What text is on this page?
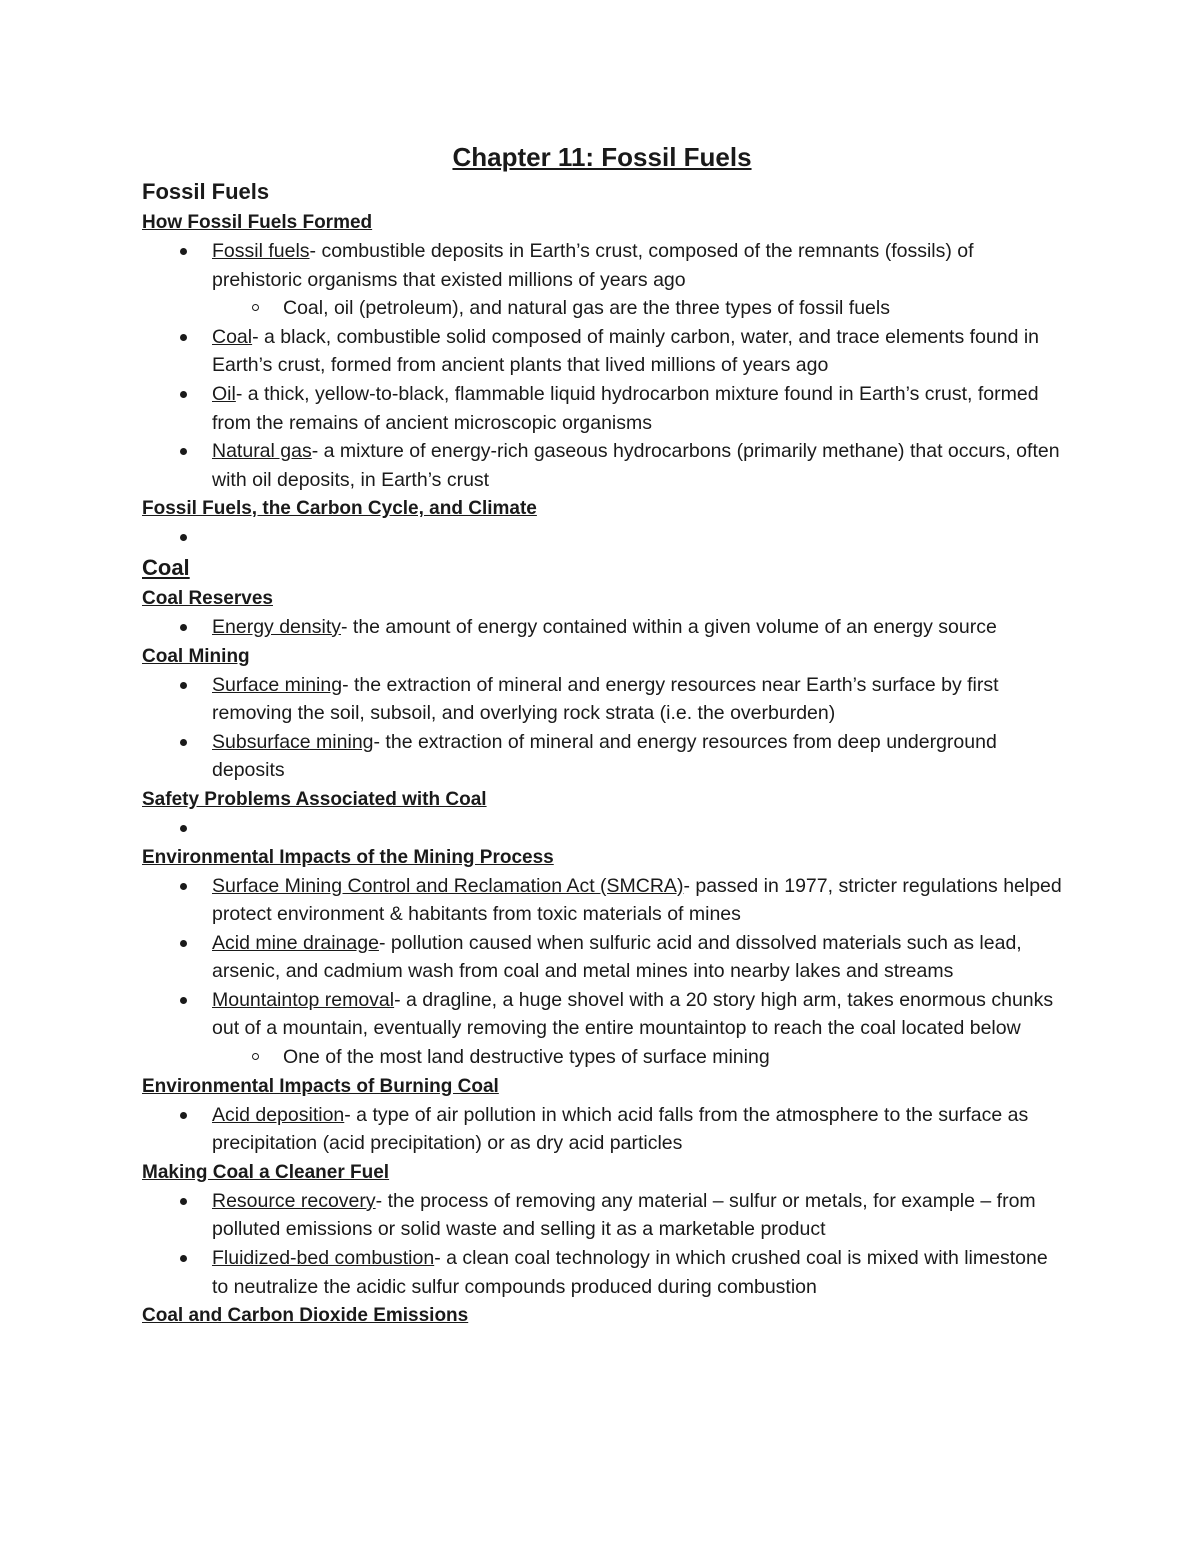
Chapter 11: Fossil Fuels
Fossil Fuels
How Fossil Fuels Formed
Fossil fuels- combustible deposits in Earth’s crust, composed of the remnants (fossils) of prehistoric organisms that existed millions of years ago
Coal, oil (petroleum), and natural gas are the three types of fossil fuels
Coal- a black, combustible solid composed of mainly carbon, water, and trace elements found in Earth’s crust, formed from ancient plants that lived millions of years ago
Oil- a thick, yellow-to-black, flammable liquid hydrocarbon mixture found in Earth’s crust, formed from the remains of ancient microscopic organisms
Natural gas- a mixture of energy-rich gaseous hydrocarbons (primarily methane) that occurs, often with oil deposits, in Earth’s crust
Fossil Fuels, the Carbon Cycle, and Climate
Coal
Coal Reserves
Energy density- the amount of energy contained within a given volume of an energy source
Coal Mining
Surface mining- the extraction of mineral and energy resources near Earth’s surface by first removing the soil, subsoil, and overlying rock strata (i.e. the overburden)
Subsurface mining- the extraction of mineral and energy resources from deep underground deposits
Safety Problems Associated with Coal
Environmental Impacts of the Mining Process
Surface Mining Control and Reclamation Act (SMCRA)- passed in 1977, stricter regulations helped protect environment & habitants from toxic materials of mines
Acid mine drainage- pollution caused when sulfuric acid and dissolved materials such as lead, arsenic, and cadmium wash from coal and metal mines into nearby lakes and streams
Mountaintop removal- a dragline, a huge shovel with a 20 story high arm, takes enormous chunks out of a mountain, eventually removing the entire mountaintop to reach the coal located below
One of the most land destructive types of surface mining
Environmental Impacts of Burning Coal
Acid deposition- a type of air pollution in which acid falls from the atmosphere to the surface as precipitation (acid precipitation) or as dry acid particles
Making Coal a Cleaner Fuel
Resource recovery- the process of removing any material – sulfur or metals, for example – from polluted emissions or solid waste and selling it as a marketable product
Fluidized-bed combustion- a clean coal technology in which crushed coal is mixed with limestone to neutralize the acidic sulfur compounds produced during combustion
Coal and Carbon Dioxide Emissions
